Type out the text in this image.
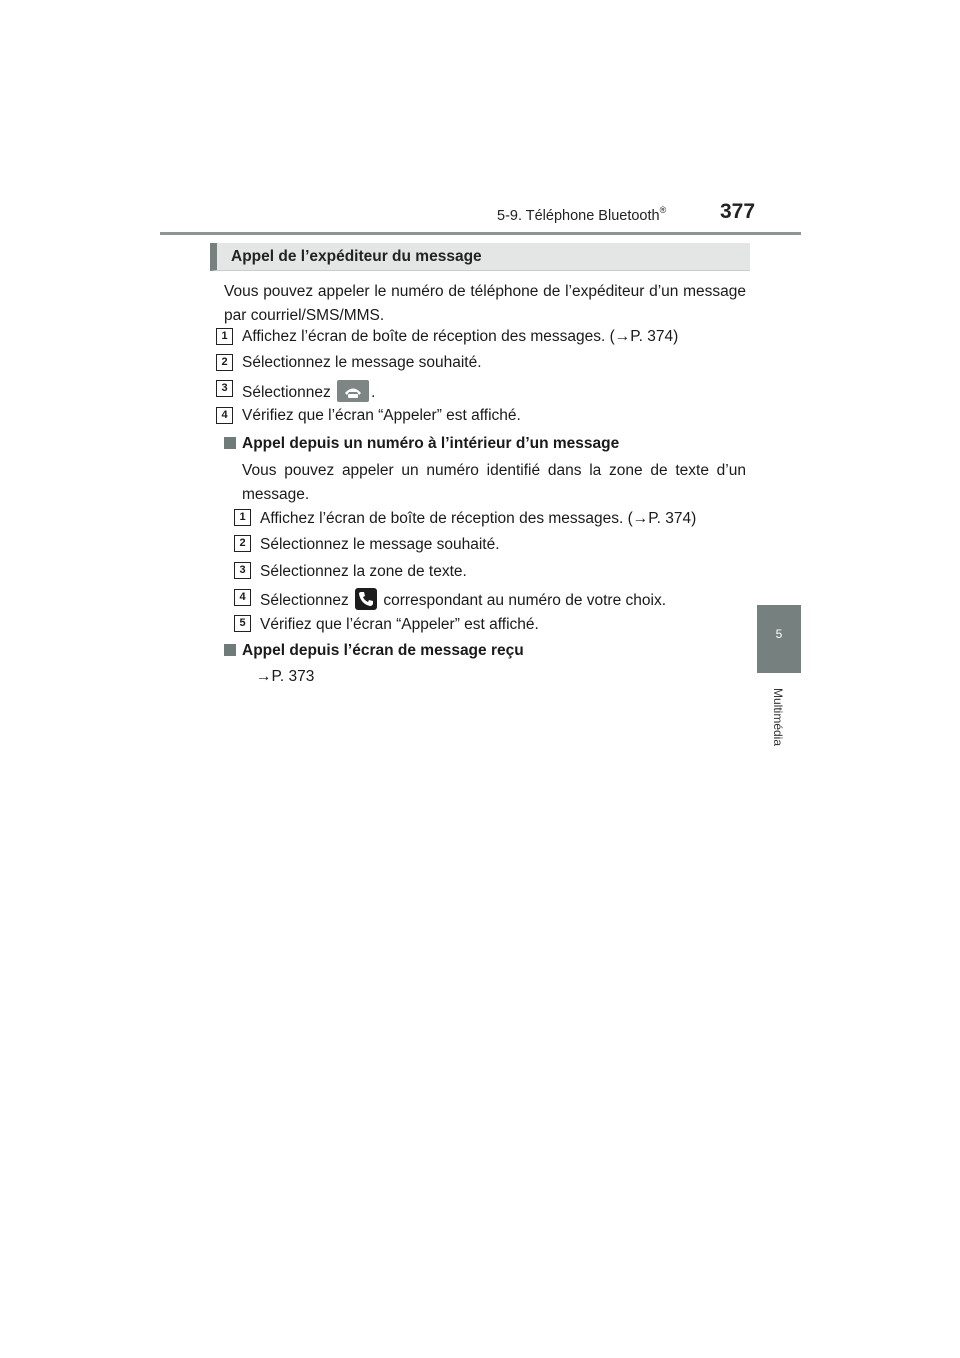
5-9. Téléphone Bluetooth®	377
5
Multimédia
Appel de l’expéditeur du message
Vous pouvez appeler le numéro de téléphone de l’expéditeur d’un message par courriel/SMS/MMS.
1 Affichez l’écran de boîte de réception des messages. (→P. 374)
2 Sélectionnez le message souhaité.
3 Sélectionnez	.
4 Vérifiez que l’écran “Appeler” est affiché.
Appel depuis un numéro à l’intérieur d’un message
Vous pouvez appeler un numéro identifié dans la zone de texte d’un message.
1 Affichez l’écran de boîte de réception des messages. (→P. 374)
2 Sélectionnez le message souhaité.
3 Sélectionnez la zone de texte.
4 Sélectionnez correspondant au numéro de votre choix.
5 Vérifiez que l’écran “Appeler” est affiché.
Appel depuis l’écran de message reçu
→P. 373
